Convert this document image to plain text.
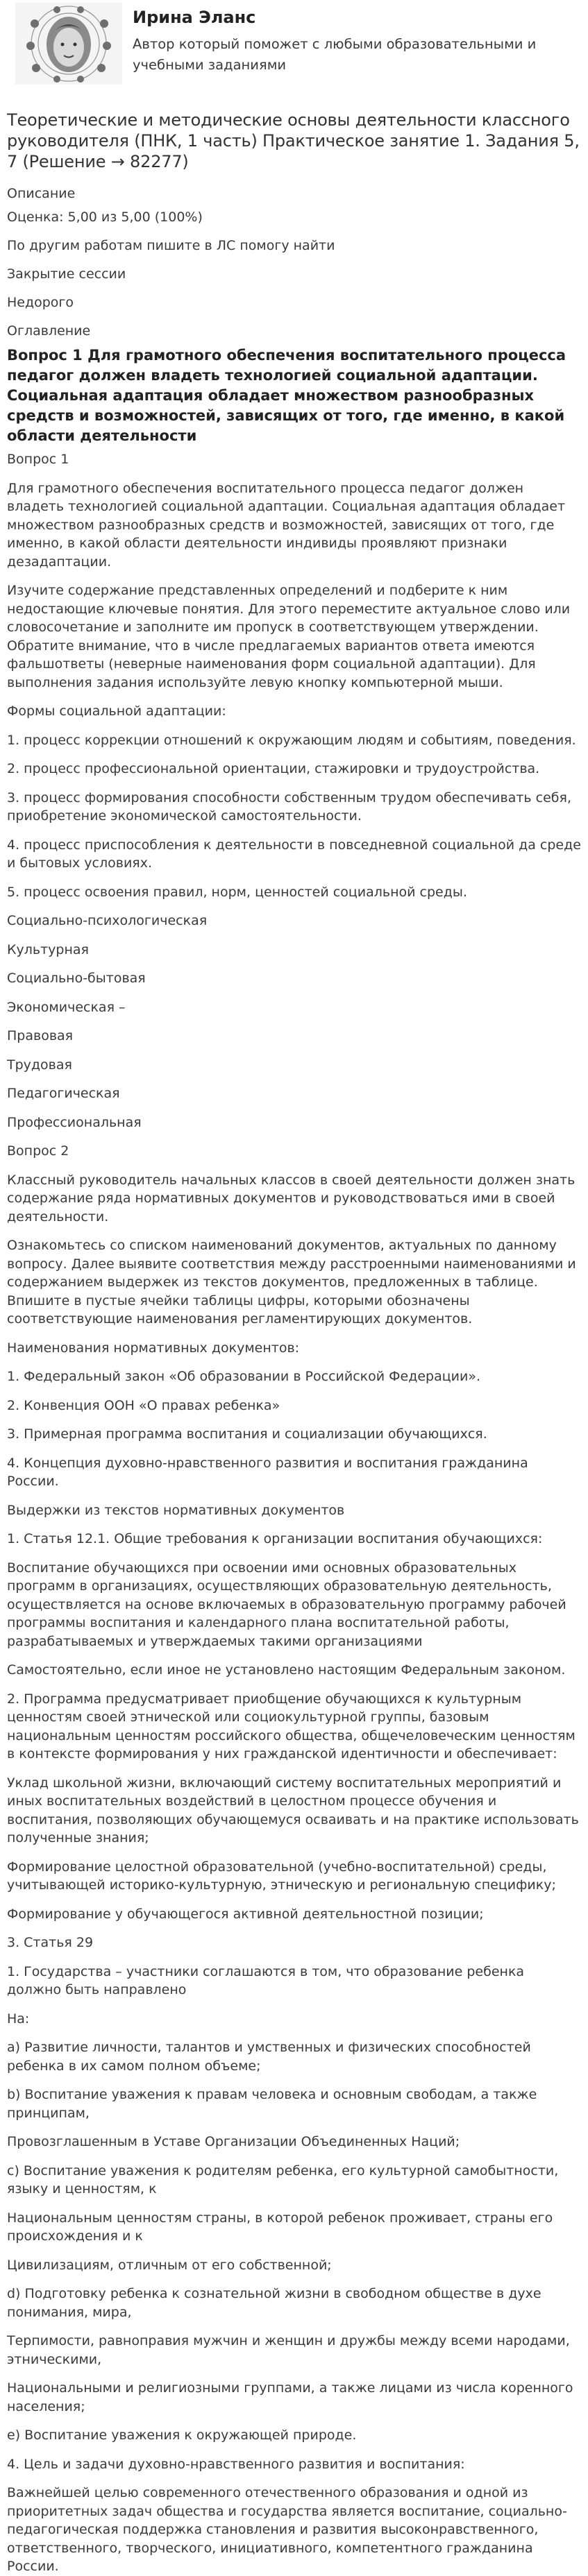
Ирина Эланс
Автор который поможет с любыми образовательными и учебными заданиями
Теоретические и методические основы деятельности классного руководителя (ПНК, 1 часть) Практическое занятие 1. Задания 5, 7 (Решение → 82277)
Описание
Оценка: 5,00 из 5,00 (100%)
По другим работам пишите в ЛС помогу найти
Закрытие сессии
Недорого
Оглавление
Вопрос 1 Для грамотного обеспечения воспитательного процесса педагог должен владеть технологией социальной адаптации. Социальная адаптация обладает множеством разнообразных средств и возможностей, зависящих от того, где именно, в какой области деятельности
Вопрос 1
Для грамотного обеспечения воспитательного процесса педагог должен владеть технологией социальной адаптации. Социальная адаптация обладает множеством разнообразных средств и возможностей, зависящих от того, где именно, в какой области деятельности индивиды проявляют признаки дезадаптации.
Изучите содержание представленных определений и подберите к ним недостающие ключевые понятия. Для этого переместите актуальное слово или словосочетание и заполните им пропуск в соответствующем утверждении. Обратите внимание, что в числе предлагаемых вариантов ответа имеются фальшответы (неверные наименования форм социальной адаптации). Для выполнения задания используйте левую кнопку компьютерной мыши.
Формы социальной адаптации:
1. процесс коррекции отношений к окружающим людям и событиям, поведения.
2. процесс профессиональной ориентации, стажировки и трудоустройства.
3. процесс формирования способности собственным трудом обеспечивать себя, приобретение экономической самостоятельности.
4. процесс приспособления к деятельности в повседневной социальной да среде и бытовых условиях.
5. процесс освоения правил, норм, ценностей социальной среды.
Социально-психологическая
Культурная
Социально-бытовая
Экономическая –
Правовая
Трудовая
Педагогическая
Профессиональная
Вопрос 2
Классный руководитель начальных классов в своей деятельности должен знать содержание ряда нормативных документов и руководствоваться ими в своей деятельности.
Ознакомьтесь со списком наименований документов, актуальных по данному вопросу. Далее выявите соответствия между расстроенными наименованиями и содержанием выдержек из текстов документов, предложенных в таблице. Впишите в пустые ячейки таблицы цифры, которыми обозначены соответствующие наименования регламентирующих документов.
Наименования нормативных документов:
1. Федеральный закон «Об образовании в Российской Федерации».
2. Конвенция ООН «О правах ребенка»
3. Примерная программа воспитания и социализации обучающихся.
4. Концепция духовно-нравственного развития и воспитания гражданина России.
Выдержки из текстов нормативных документов
1. Статья 12.1. Общие требования к организации воспитания обучающихся:
Воспитание обучающихся при освоении ими основных образовательных программ в организациях, осуществляющих образовательную деятельность, осуществляется на основе включаемых в образовательную программу рабочей программы воспитания и календарного плана воспитательной работы, разрабатываемых и утверждаемых такими организациями
Самостоятельно, если иное не установлено настоящим Федеральным законом.
2. Программа предусматривает приобщение обучающихся к культурным ценностям своей этнической или социокультурной группы, базовым национальным ценностям российского общества, общечеловеческим ценностям в контексте формирования у них гражданской идентичности и обеспечивает:
Уклад школьной жизни, включающий систему воспитательных мероприятий и иных воспитательных воздействий в целостном процессе обучения и воспитания, позволяющих обучающемуся осваивать и на практике использовать полученные знания;
Формирование целостной образовательной (учебно-воспитательной) среды, учитывающей историко-культурную, этническую и региональную специфику;
Формирование у обучающегося активной деятельностной позиции;
3. Статья 29
1. Государства – участники соглашаются в том, что образование ребенка должно быть направлено
На:
a) Развитие личности, талантов и умственных и физических способностей ребенка в их самом полном объеме;
b) Воспитание уважения к правам человека и основным свободам, а также принципам,
Провозглашенным в Уставе Организации Объединенных Наций;
c) Воспитание уважения к родителям ребенка, его культурной самобытности, языку и ценностям, к
Национальным ценностям страны, в которой ребенок проживает, страны его происхождения и к
Цивилизациям, отличным от его собственной;
d) Подготовку ребенка к сознательной жизни в свободном обществе в духе понимания, мира,
Терпимости, равноправия мужчин и женщин и дружбы между всеми народами, этническими,
Национальными и религиозными группами, а также лицами из числа коренного населения;
e) Воспитание уважения к окружающей природе.
4. Цель и задачи духовно-нравственного развития и воспитания:
Важнейшей целью современного отечественного образования и одной из приоритетных задач общества и государства является воспитание, социально-педагогическая поддержка становления и развития высоконравственного, ответственного, творческого, инициативного, компетентного гражданина России.
